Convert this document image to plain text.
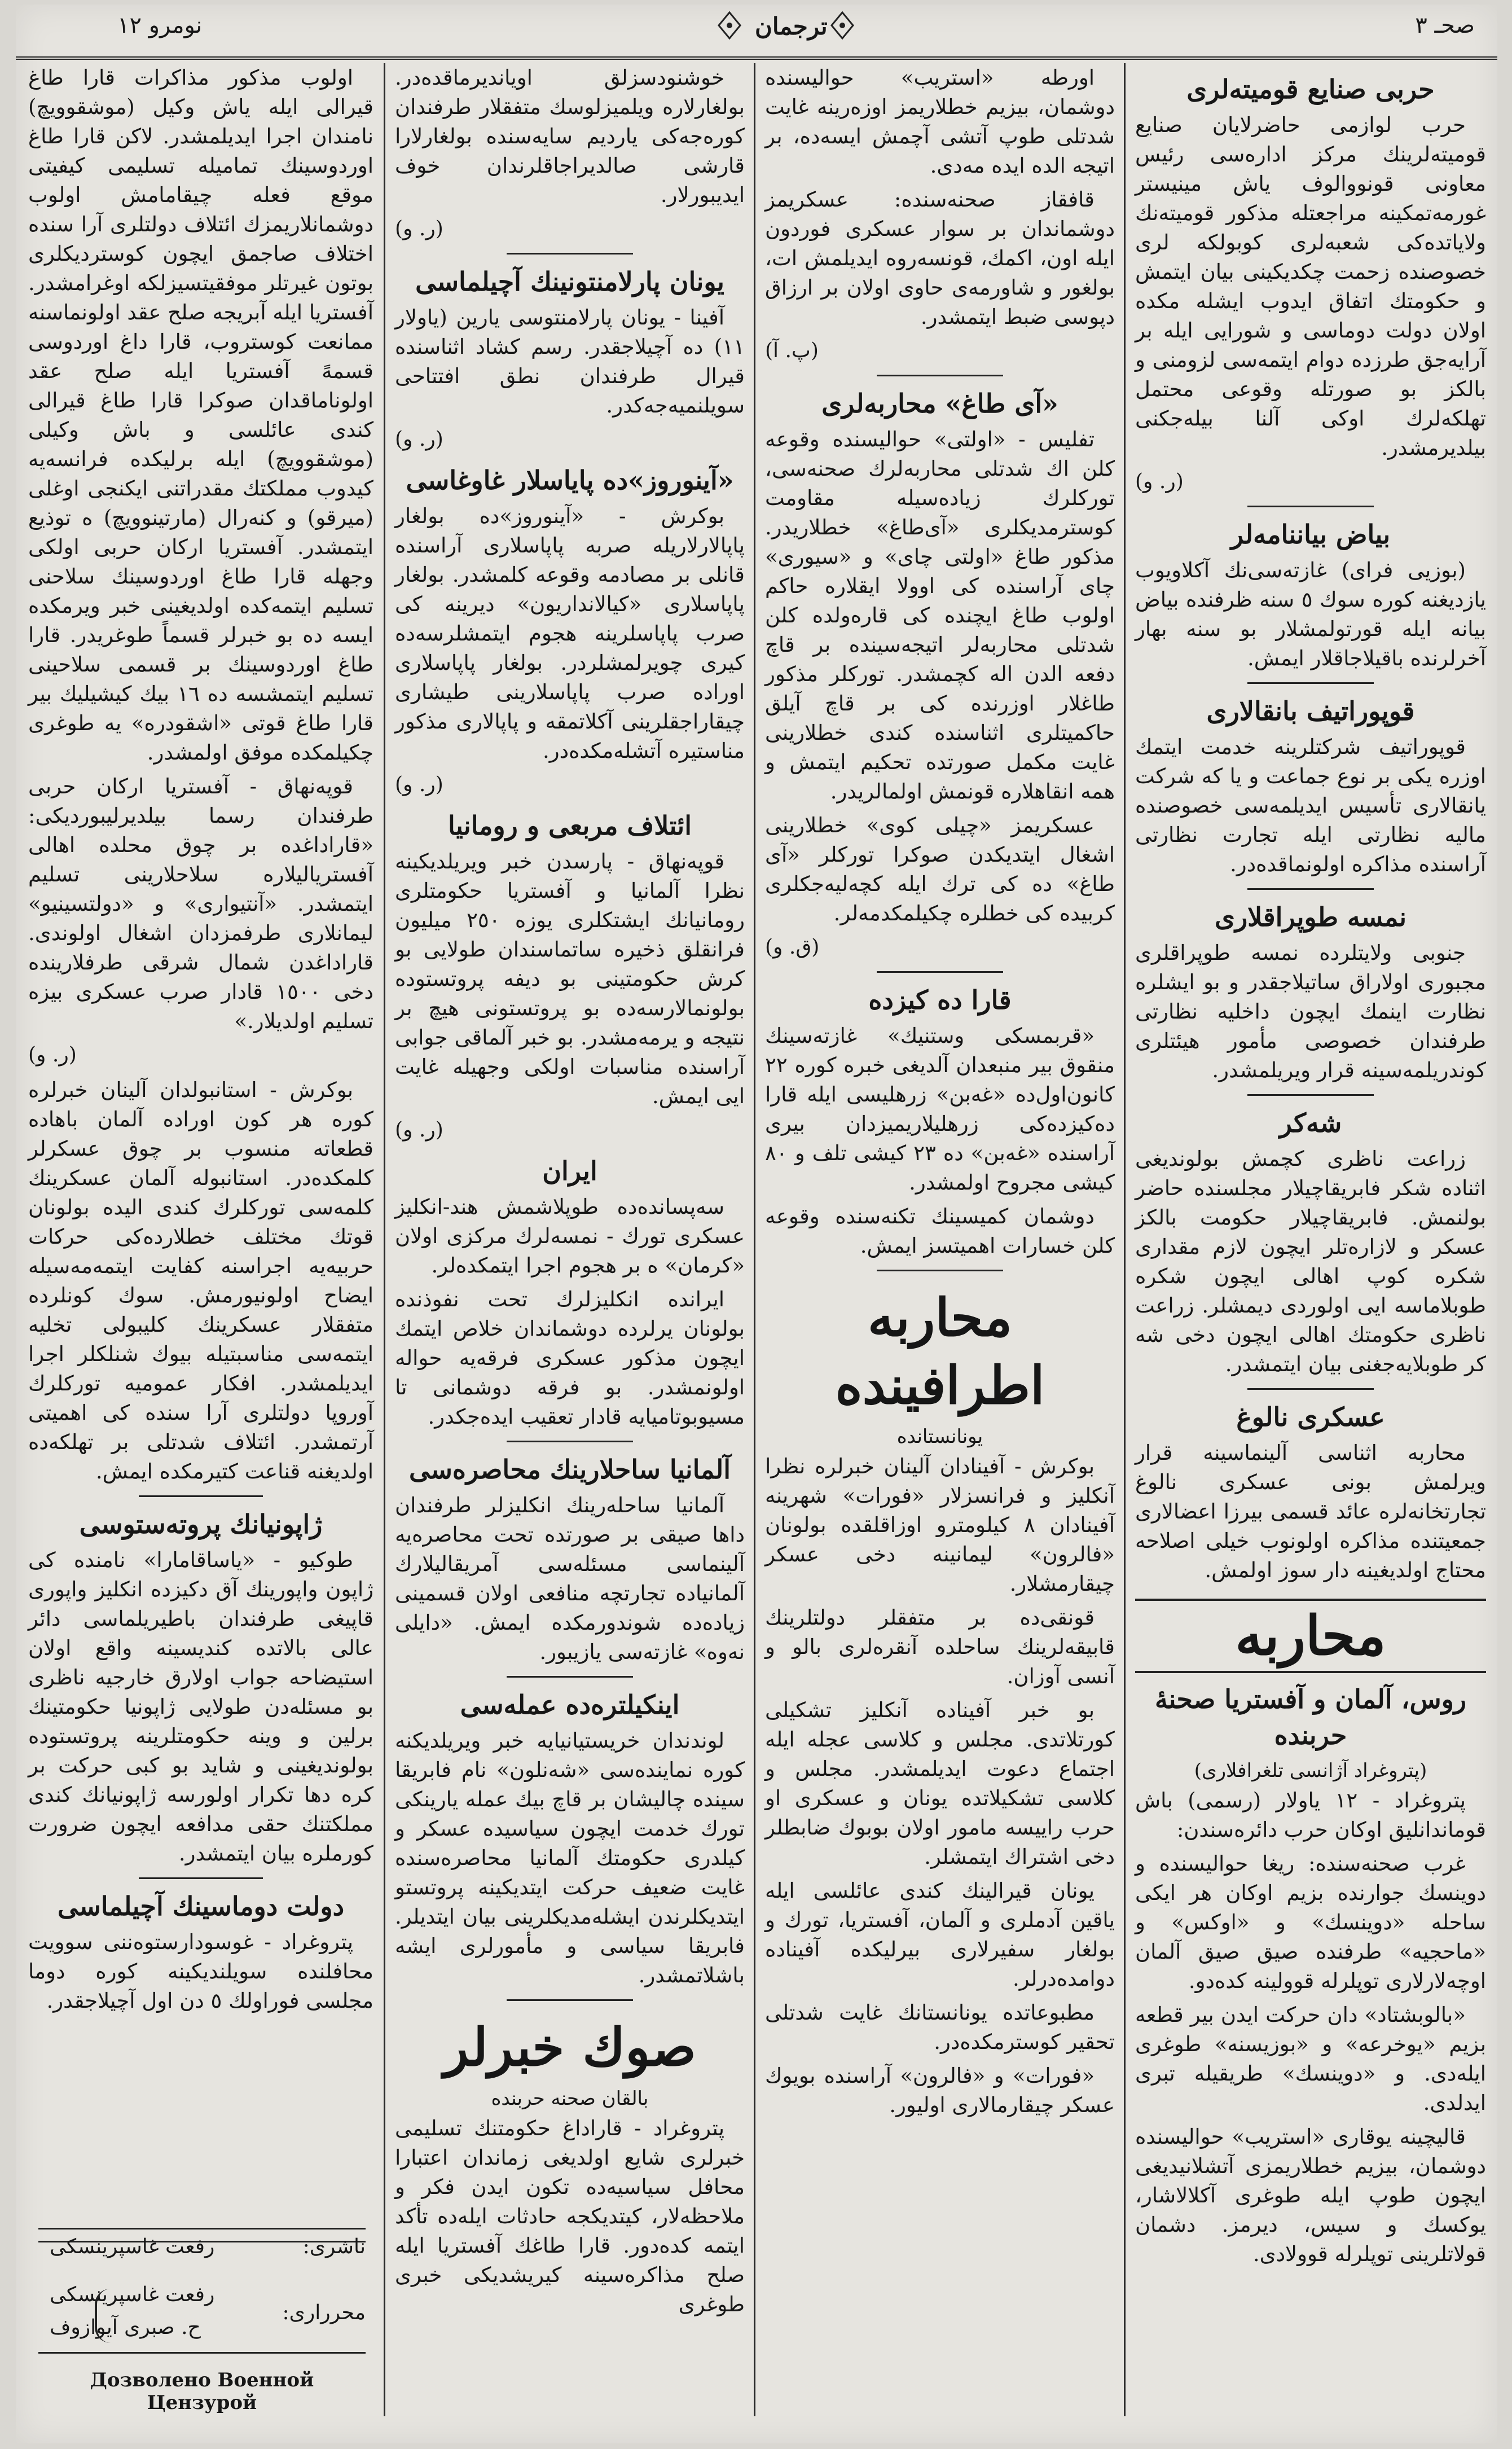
صحـ ٣
ترجمان
نومرو ١٢
حربی صنایع قومیته‌لری

حرب لوازمی حاضرلایان صنایع قومیته‌لرینك مرکز اداره‌سی رئیس معاونی قونووالوف یاش مینیستر غورمه‌تمکینه مراجعتله مذکور قومیته‌نك ولایاتده‌کی شعبه‌لری کوبولکه لری خصوصنده زحمت چکدیکینی بیان ایتمش و حکومتك اتفاق ایدوب ایشله مکده اولان دولت دوماسی و شورایی ایله بر آرایه‌جق طرزده دوام ایتمه‌سی لزومنی و بالکز بو صورتله وقوعی محتمل تهلکه‌لرك اوکی آلنا بیله‌جکنی بیلدیرمشدر.

(ر. و)
بیاض بیاننامه‌لر

(بوزیی فرای) غازته‌سی‌نك آکلاویوب یازدیغنه کوره سوك ٥ سنه ظرفنده بیاض بیانه ایله قورتولمشلار بو سنه بهار آخرلرنده باقیلاجاقلار ایمش.

قوپوراتیف بانقالاری

قوپوراتیف شرکتلرینه خدمت ایتمك اوزره یکی بر نوع جماعت و یا که شرکت یانقالاری تأسیس ایدیلمه‌سی خصوصنده مالیه نظارتی ایله تجارت نظارتی آراسنده مذاکره اولونماقده‌در.

نمسه طوپراقلاری

جنوبی ولایتلرده نمسه طوپراقلری مجبوری اولاراق ساتیلاجقدر و بو ایشلره نظارت اینمك ایچون داخلیه نظارتی طرفندان خصوصی مأمور هیئتلری کوندریلمه‌سینه قرار ویریلمشدر.

شه‌کر

زراعت ناظری کچمش بولوندیغی اثناده شکر فابریقاچیلار مجلسنده حاضر بولنمش. فابریقاچیلار حکومت بالکز عسکر و لازاره‌تلر ایچون لازم مقداری شکره کوپ اهالی ایچون شکره طوبلاماسه ایی اولوردی دیمشلر. زراعت ناظری حکومتك اهالی ایچون دخی شه کر طوبلایه‌جغنی بیان ایتمشدر.

عسکری نالوغ

محاربه اثناسی آلینماسینه قرار ویرلمش بونی عسکری نالوغ تجارتخانه‌لره عائد قسمی بیرزا اعضالاری جمعیتنده مذاکره اولونوب خیلی اصلاحه محتاج اولدیغینه دار سوز اولمش.

محاربه
روس، آلمان و آفستریا صحنهٔ حربنده
(پتروغراد آژانسی تلغرافلاری)

پتروغراد - ١٢ یاولار (رسمی) باش قوماندانلیق اوکان حرب دائره‌سندن:

غرب صحنه‌سنده: ریغا حوالیسنده و دوینسك جوارنده بزیم اوکان هر ایکی ساحله «دوینسك» و «اوکس» و «ماحجیه» طرفنده صیق صیق آلمان اوچه‌لارلاری توپلرله قوولینه کده‌دو.

«بالوبشتاد» دان حرکت ایدن بیر قطعه بزیم «یوخرعه» و «بوزیسنه» طوغری ایله‌دی. و «دوینسك» طریقیله تبری ایدلدی.

قالیچینه یوقاری «استریب» حوالیسنده دوشمان، بیزیم خطلاریمزی آتشلانیدیغی ایچون طوپ ایله طوغری آکلالاشار، یوکسك و سیس، دیرمز. دشمان قولاتلرینی توپلرله قوولادی.

اورطه «استریب» حوالیسنده دوشمان، بیزیم خطلاریمز اوزه‌رینه غایت شدتلی طوپ آتشی آچمش ایسه‌ده، بر اتیجه الده ایده مه‌دی.

قافقاز صحنه‌سنده: عسکریمز دوشماندان بر سوار عسکری فوردون ایله اون، اکمك، قونسه‌روه ایدیلمش ات، بولغور و شاورمه‌ی حاوی اولان بر ارزاق دپوسی ضبط ایتمشدر.

(پ. آ)
«آی طاغ» محاربه‌لری

تفلیس - «اولتی» حوالیسنده وقوعه کلن اك شدتلی محاربه‌لرك صحنه‌سی، تورکلرك زیاده‌سیله مقاومت کوسترمدیکلری «آی‌طاغ» خطلاریدر. مذکور طاغ «اولتی چای» و «سیوری» چای آراسنده کی اوولا ایقلاره حاکم اولوب طاغ ایچنده کی قاره‌ولده کلن شدتلی محاربه‌لر اتیجه‌سینده بر قاچ دفعه الدن اله کچمشدر. تورکلر مذکور طاغلار اوزرنده کی بر قاچ آیلق حاکمیتلری اثناسنده کندی خطلارینی غایت مکمل صورتده تحکیم ایتمش و همه انقاهلاره قونمش اولمالریدر.

عسکریمز «چیلی کوی» خطلارینی اشغال ایتدیکدن صوکرا تورکلر «آی طاغ» ده کی ترك ایله کچه‌لیه‌جکلری کربیده کی خطلره چکیلمکدمه‌لر.

(ق. و)
قارا ده کیزده

«قربمسکی وستنیك» غازته‌سینك منقوق بیر منبعدان آلدیغی خبره کوره ٢٢ کانون‌اول‌ده «غه‌بن» زرهلیسی ایله قارا ده‌کیزده‌کی زرهلیلاریمیزدان بیری آراسنده «غه‌بن» ده ٢٣ کیشی تلف و ٨٠ کیشی مجروح اولمشدر.

دوشمان کمیسینك تکنه‌سنده وقوعه کلن خسارات اهمیتسز ایمش.

محاربه اطرافینده
یونانستانده

بوکرش - آفینادان آلینان خبرلره نظرا آنکلیز و فرانسزلار «فورات» شهرینه آفینادان ٨ کیلومترو اوزاقلقده بولونان «فالرون» لیمانینه دخی عسکر چیقارمشلار.

قونقی‌ده بر متفقلر دولتلرینك قابیقه‌لرینك ساحلده آنقره‌لری بالو و آنسی آوزان.

بو خبر آفیناده آنکلیز تشکیلی کورتلاتدی. مجلس و کلاسی عجله ایله اجتماع دعوت ایدیلمشدر. مجلس و کلاسی تشکیلاتده یونان و عسکری او حرب راییسه مامور اولان بوبوك ضابطلر دخی اشتراك ایتمشلر.

یونان قیرالینك کندی عائلسی ایله یاقین آدملری و آلمان، آفستریا، تورك و بولغار سفیرلاری بیرلیکده آفیناده دوامده‌درلر.

مطبوعاتده یونانستانك غایت شدتلی تحقیر کوسترمکده‌در.

«فورات» و «فالرون» آراسنده بویوك عسکر چیقارمالاری اولیور.

خوشنودسزلق اویاندیرماقده‌در. بولغارلاره ویلمیزلوسك متفقلار طرفندان کوره‌جه‌کی یاردیم سایه‌سنده بولغارلارا قارشی صالدیراجاقلرندان خوف ایدیبورلار.

(ر. و)
یونان پارلامنتونینك آچیلماسی

آفینا - یونان پارلامنتوسی یارین (یاولار ١١) ده آچیلاجقدر. رسم کشاد اثناسنده قیرال طرفندان نطق افتتاحی سویلنمیه‌جه‌کدر.

(ر. و)
«آینوروز»ده پایاسلار غاوغاسی

بوکرش - «آینوروز»ده بولغار پاپالارلاریله صربه پاپاسلاری آراسنده قانلی بر مصادمه وقوعه کلمشدر. بولغار پاپاسلاری «کیالانداریون» دیرینه کی صرب پاپاسلرینه هجوم ایتمشلرسه‌ده کیری چویرلمشلردر. بولغار پاپاسلاری اوراده صرب پاپاسلارینی طیشاری چیقاراجقلرینی آکلاتمقه و پاپالاری مذکور مناستیره آتشله‌مکده‌در.

(ر. و)
ائتلاف مربعی و رومانیا

قوپه‌نهاق - پارسدن خبر ویریلدیکینه نظرا آلمانیا و آفستریا حکومتلری رومانیانك ایشتکلری یوزه ٢٥٠ میلیون فرانقلق ذخیره ساتماسندان طولایی بو کرش حکومتینی بو دیفه پروتستوده بولونمالارسه‌ده بو پروتستونی هیچ بر نتیجه و یرمه‌مشدر. بو خبر آلماقی جوابی آراسنده مناسبات اولکی وجهیله غایت ایی ایمش.

(ر. و)
ایران

سه‌پسانده‌ده طوپلاشمش هند-انکلیز عسکری تورك - نمسه‌لرك مرکزی اولان «کرمان» ه بر هجوم اجرا ایتمکده‌لر.

ایرانده انکلیزلرك تحت نفوذنده بولونان یرلرده دوشماندان خلاص ایتمك ایچون مذکور عسکری فرقه‌یه حواله اولونمشدر. بو فرقه دوشمانی تا مسیوبوتامیایه قادار تعقیب ایده‌جکدر.

آلمانیا ساحلارینك محاصره‌سی

آلمانیا ساحله‌رینك انکلیزلر طرفندان داها صیقی بر صورتده تحت محاصره‌یه آلینماسی مسئله‌سی آمریقالیلارك آلمانیاده تجارتچه منافعی اولان قسمینی زیاده‌ده شوندورمکده ایمش. «دایلی نه‌وه» غازته‌سی یازیبور.

اینکیلتره‌ده عمله‌سی

لوندندان خریستیانیایه خبر ویریلدیکنه کوره نماینده‌سی «شه‌نلون» نام فابریقا سینده چالیشان بر قاچ بیك عمله یارینکی تورك خدمت ایچون سیاسیده عسکر و کیلدری حکومتك آلمانیا محاصره‌سنده غایت ضعیف حرکت ایتدیکینه پروتستو ایتدیکلرندن ایشله‌مدیکلرینی بیان ایتدیلر. فابریقا سیاسی و مأمورلری ایشه باشلاتمشدر.

صوك خبرلر
بالقان صحنه حربنده

پتروغراد - قاراداغ حکومتنك تسلیمی خبرلری شایع اولدیغی زماندان اعتبارا محافل سیاسیه‌ده تکون ایدن فکر و ملاحظه‌لار، کیتدیکجه حادثات ایله‌ده تأکد ایتمه کده‌دور. قارا طاغك آفستریا ایله صلح مذاکره‌سینه کیریشدیکی خبری طوغری

اولوب مذکور مذاکرات قارا طاغ قیرالی ایله یاش وکیل (موشقوویچ) نامندان اجرا ایدیلمشدر. لاکن قارا طاغ اوردوسینك تمامیله تسلیمی کیفیتی موقع فعله چیقامامش اولوب دوشمانلاریمزك ائتلاف دولتلری آرا سنده اختلاف صاجمق ایچون کوستردیکلری بوتون غیرتلر موفقیتسیزلکه اوغرامشدر. آفستریا ایله آبریجه صلح عقد اولونماسنه ممانعت کوستروب، قارا داغ اوردوسی قسمهً آفستریا ایله صلح عقد اولوناماقدان صوکرا قارا طاغ قیرالی کندی عائلسی و باش وکیلی (موشقوویچ) ایله برلیکده فرانسه‌یه کیدوب مملکتك مقدراتنی ایکنجی اوغلی (میرقو) و کنه‌رال (مارتینوویچ) ه توذیع ایتمشدر. آفستریا ارکان حربی اولکی وجهله قارا طاغ اوردوسینك سلاحنی تسلیم ایتمه‌کده اولدیغینی خبر ویرمکده ایسه ده بو خبرلر قسماً طوغریدر. قارا طاغ اوردوسینك بر قسمی سلاحینی تسلیم ایتمشسه ده ١٦ بیك کیشیلیك بیر قارا طاغ قوتی «اشقودره» یه طوغری چکیلمکده موفق اولمشدر.

قوپه‌نهاق - آفستریا ارکان حربی طرفندان رسما بیلدیرلیبوردیکی: «قاراداغده بر چوق محلده اهالی آفستریالیلاره سلاحلارینی تسلیم ایتمشدر. «آنتیواری» و «دولتسینیو» لیمانلاری طرفمزدان اشغال اولوندی. قاراداغدن شمال شرقی طرفلارینده دخی ١٥٠٠ قادار صرب عسکری بیزه تسلیم اولدیلار.»

(ر. و)

بوکرش - استانبولدان آلینان خبرلره کوره هر کون اوراده آلمان باهاده قطعاته منسوب بر چوق عسکرلر کلمکده‌در. استانبوله آلمان عسکرینك کلمه‌سی تورکلرك کندی الیده بولونان قوتك مختلف خطلارده‌کی حرکات حربیه‌یه اجراسنه کفایت ایتمه‌مه‌سیله ایضاح اولونیورمش. سوك کونلرده متفقلار عسکرینك کلیبولی تخلیه ایتمه‌سی مناسبتیله بیوك شنلکلر اجرا ایدیلمشدر. افکار عمومیه تورکلرك آوروپا دولتلری آرا سنده کی اهمیتی آرتمشدر. ائتلاف شدتلی بر تهلکه‌ده اولدیغنه قناعت کتیرمکده ایمش.

ژاپونیانك پروته‌ستوسی

طوکیو - «یاساقامارا» نامنده کی ژاپون واپورینك آق دکیزده انکلیز واپوری قاپیغی طرفندان باطیریلماسی دائر عالی بالاتده کندیسینه واقع اولان استیضاحه جواب اولارق خارجیه ناظری بو مسئله‌دن طولایی ژاپونیا حکومتینك برلین و وینه حکومتلرینه پروتستوده بولوندیغینی و شاید بو کبی حرکت بر کره دها تکرار اولورسه ژاپونیانك کندی مملکتنك حقی مدافعه ایچون ضرورت کورملره بیان ایتمشدر.

دولت دوماسینك آچیلماسی

پتروغراد - غوسودارستوه‌ننی سوویت محافلنده سویلندیکینه کوره دوما مجلسی فوراولك ٥ دن اول آچیلاجقدر.

ناشری:
رفعت غاسپرینسکی
محرراری:
رفعت غاسپرینسکی
ح. صبری آیوازوف
Дозволено Военной Цензурой
